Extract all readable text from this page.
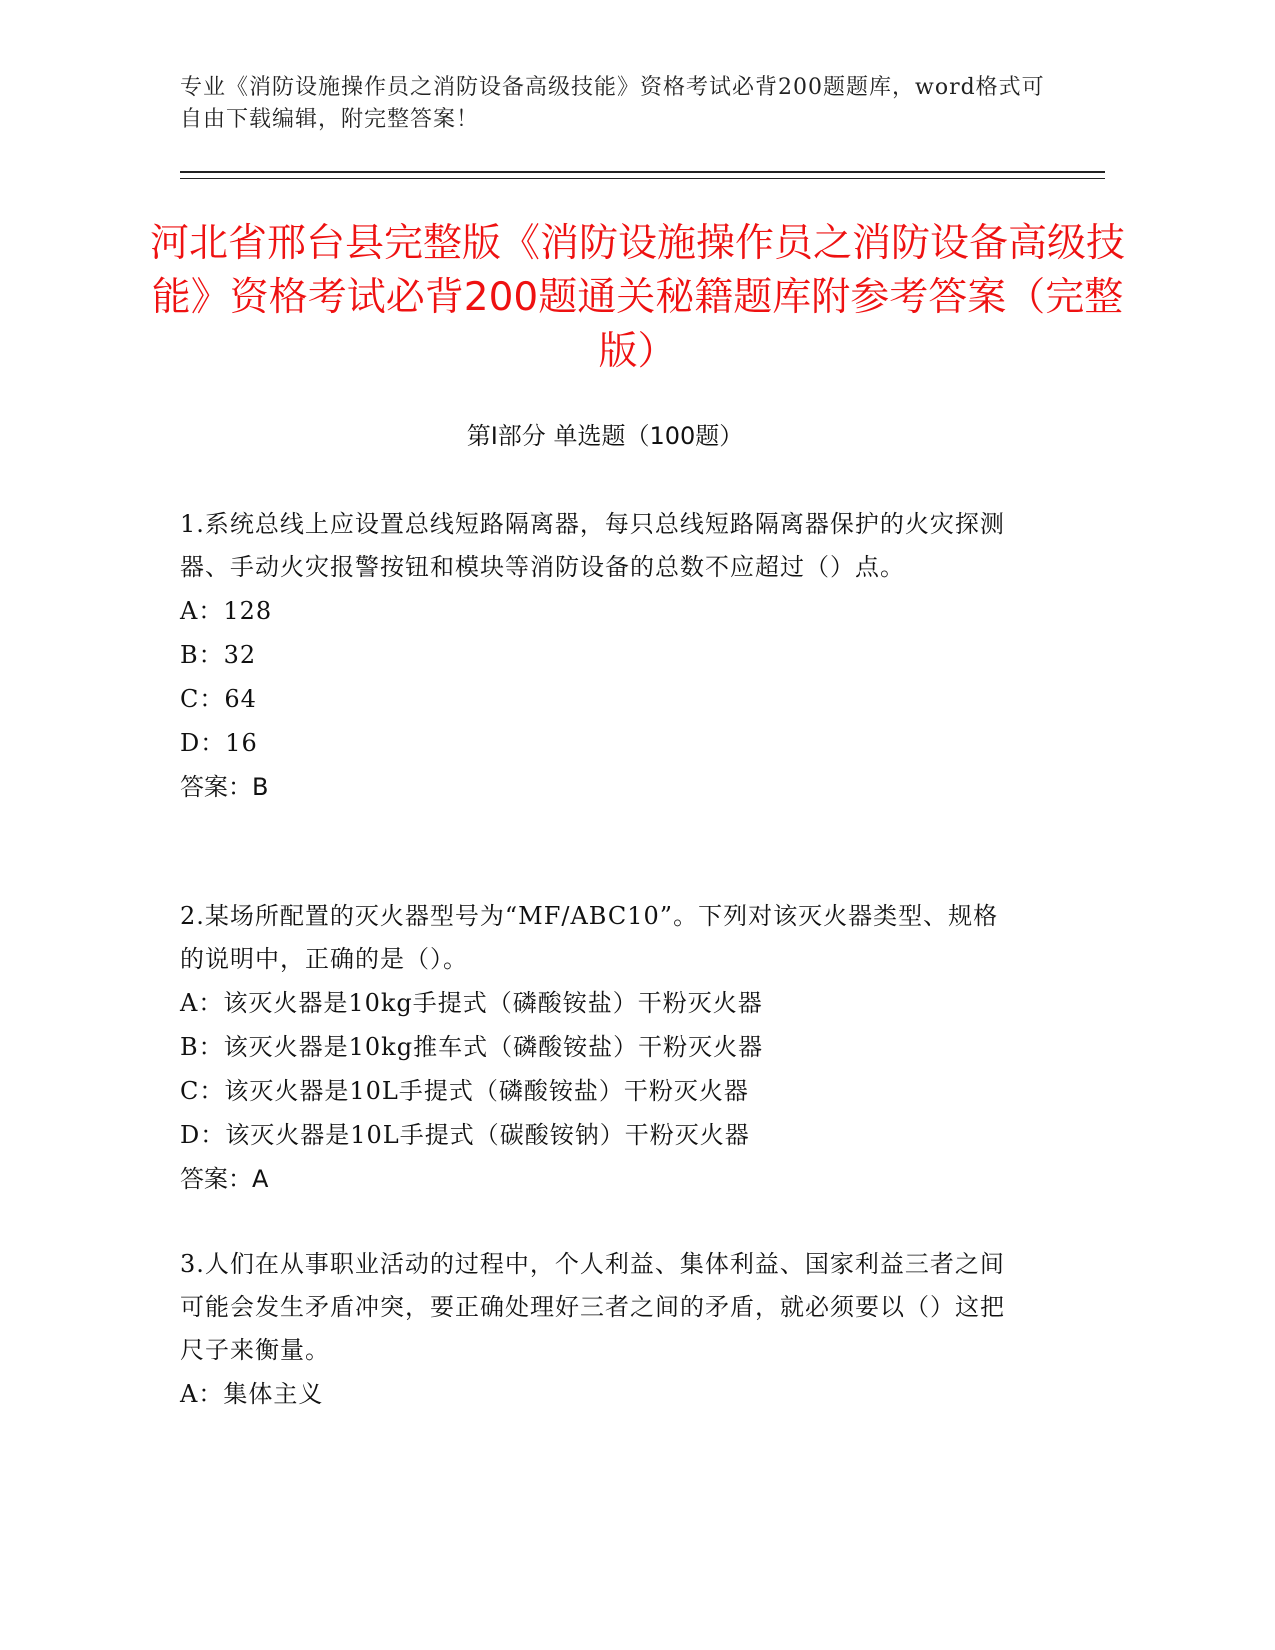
专业《消防设施操作员之消防设备高级技能》资格考试必背200题题库，word格式可自由下载编辑，附完整答案！
河北省邢台县完整版《消防设施操作员之消防设备高级技能》资格考试必背200题通关秘籍题库附参考答案（完整版）
第I部分 单选题（100题）

1.系统总线上应设置总线短路隔离器，每只总线短路隔离器保护的火灾探测器、手动火灾报警按钮和模块等消防设备的总数不应超过（）点。

A：128

B：32

C：64

D：16

答案：B

2.某场所配置的灭火器型号为“MF/ABC10”。下列对该灭火器类型、规格的说明中，正确的是（）。

A：该灭火器是10kg手提式（磷酸铵盐）干粉灭火器

B：该灭火器是10kg推车式（磷酸铵盐）干粉灭火器

C：该灭火器是10L手提式（磷酸铵盐）干粉灭火器

D：该灭火器是10L手提式（碳酸铵钠）干粉灭火器

答案：A

3.人们在从事职业活动的过程中，个人利益、集体利益、国家利益三者之间可能会发生矛盾冲突，要正确处理好三者之间的矛盾，就必须要以（）这把尺子来衡量。

A：集体主义
